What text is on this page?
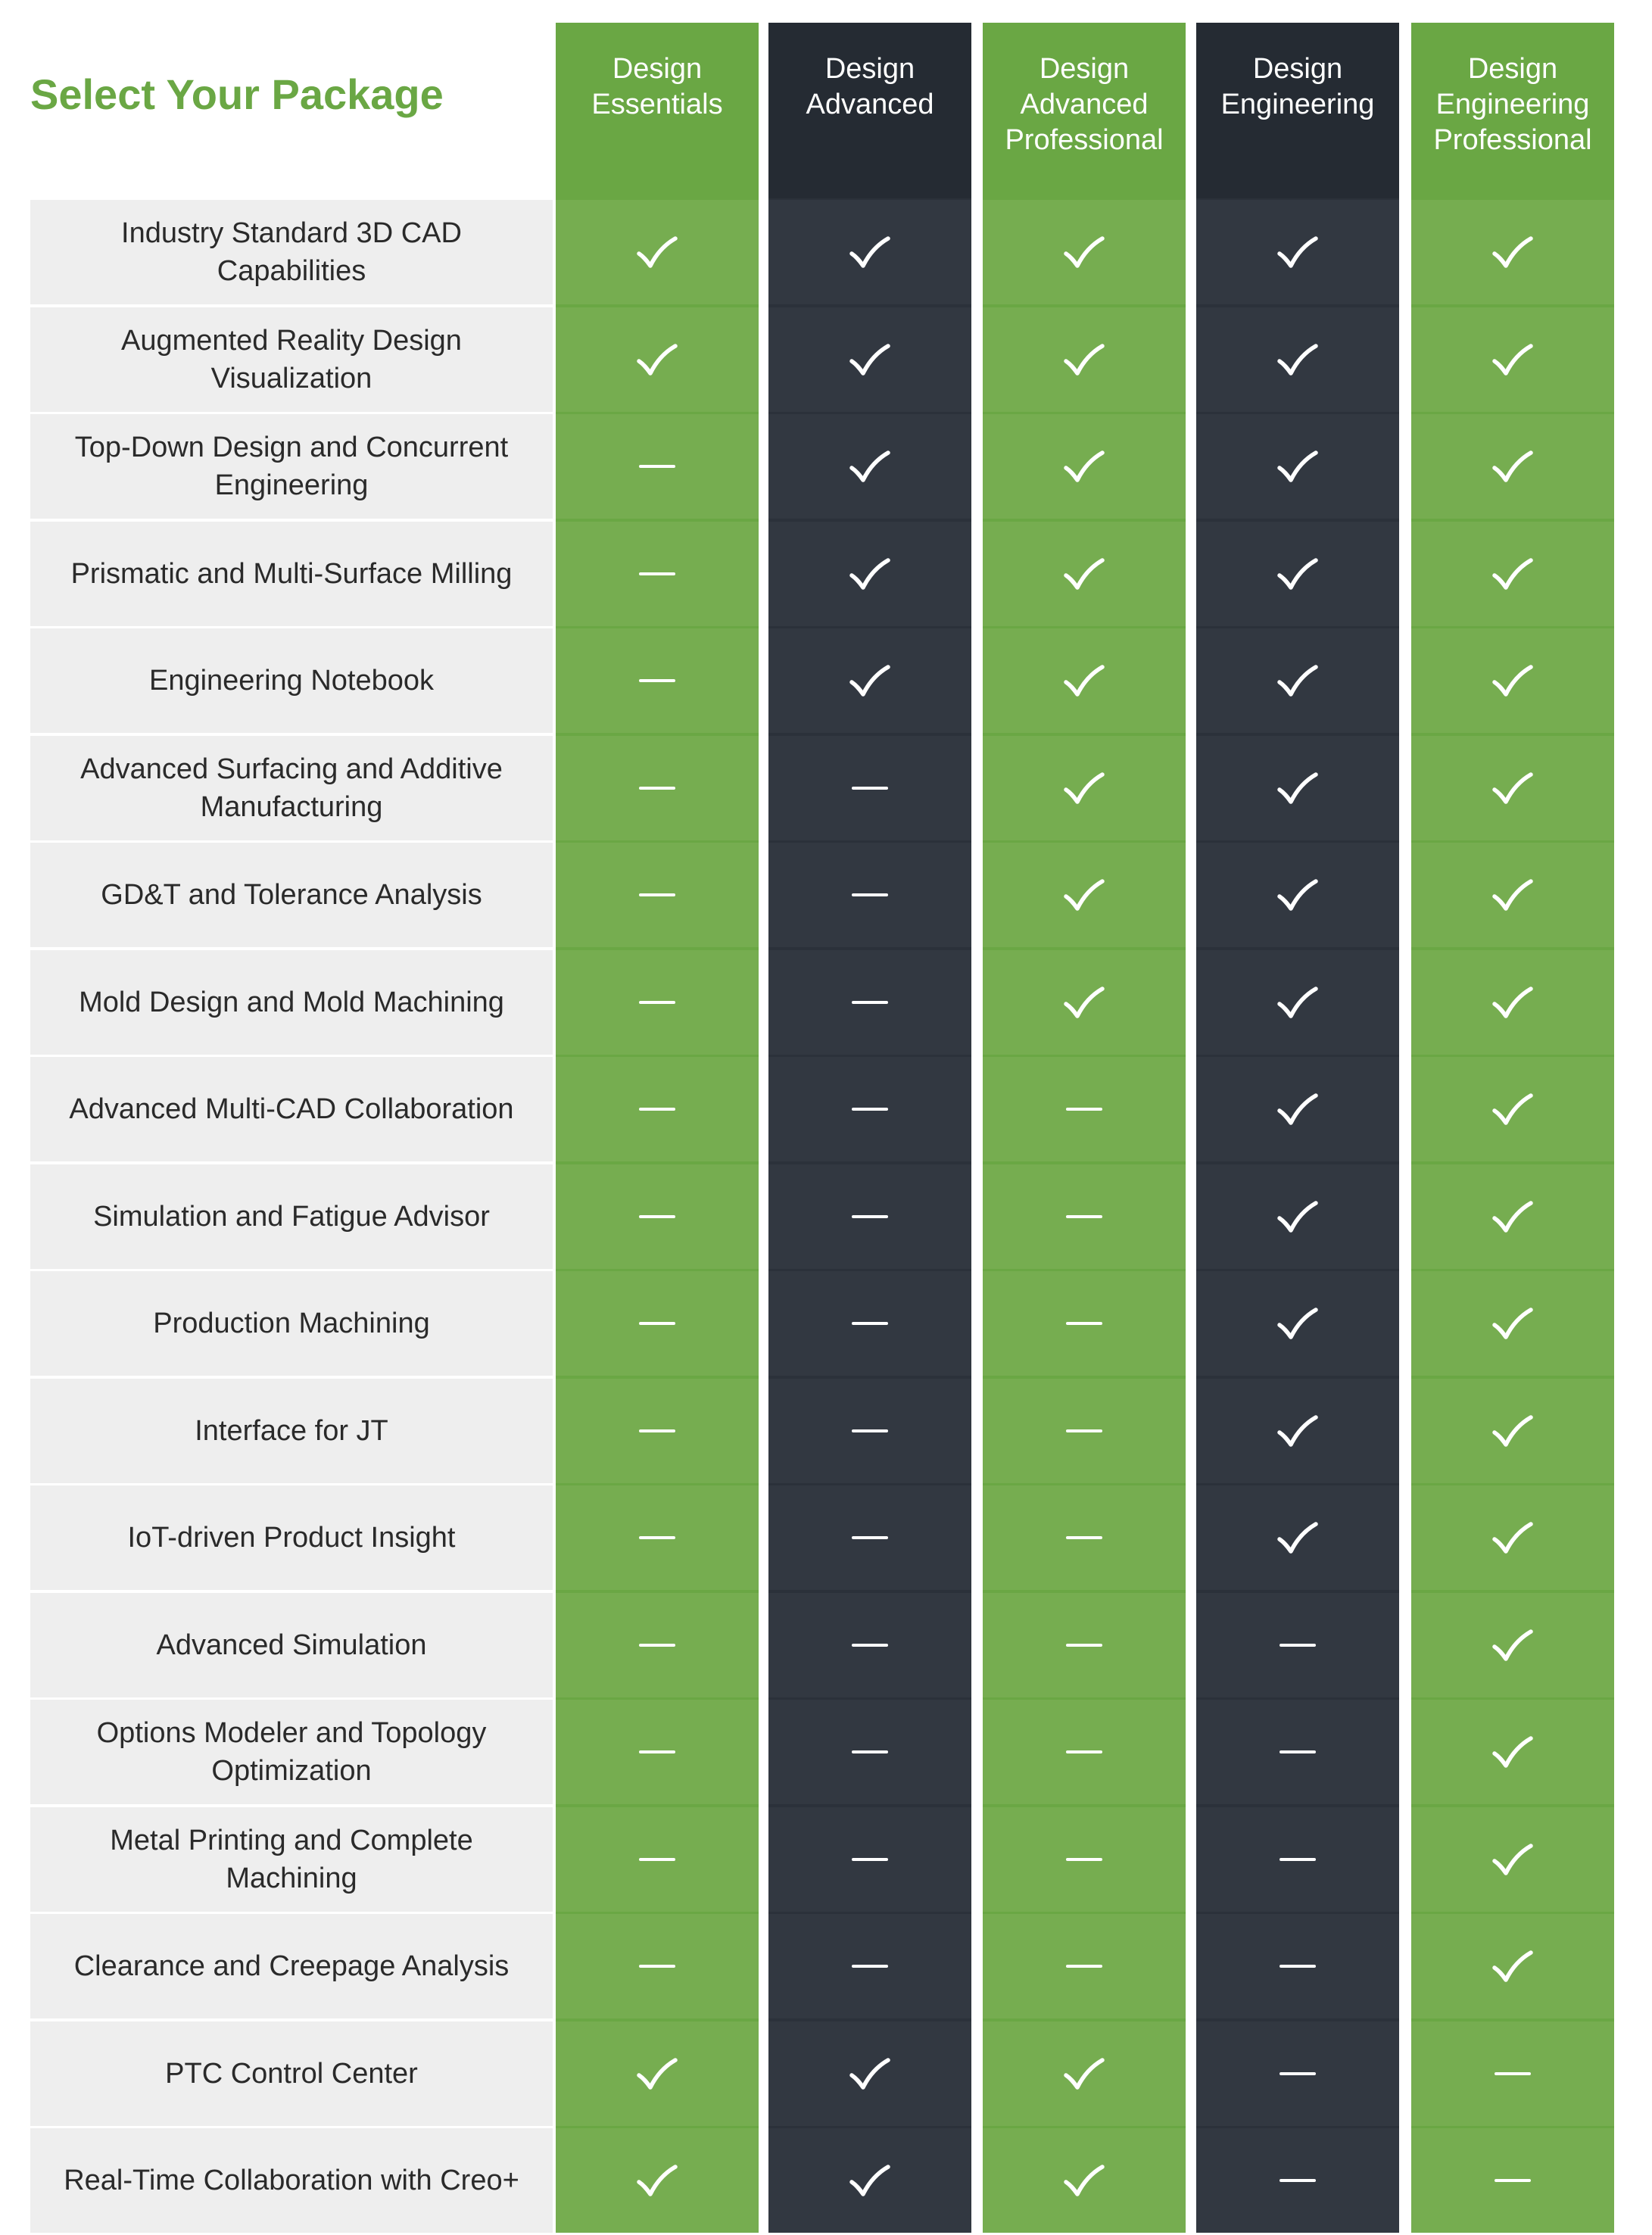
Select Your Package
Design
Essentials
Design
Advanced
Design
Advanced
Professional
Design
Engineering
Design
Engineering
Professional
Industry Standard 3D CAD
Capabilities
Augmented Reality Design
Visualization
Top-Down Design and Concurrent
Engineering
Prismatic and Multi-Surface Milling
Engineering Notebook
Advanced Surfacing and Additive
Manufacturing
GD&T and Tolerance Analysis
Mold Design and Mold Machining
Advanced Multi-CAD Collaboration
Simulation and Fatigue Advisor
Production Machining
Interface for JT
IoT-driven Product Insight
Advanced Simulation
Options Modeler and Topology
Optimization
Metal Printing and Complete
Machining
Clearance and Creepage Analysis
PTC Control Center
Real-Time Collaboration with Creo+
